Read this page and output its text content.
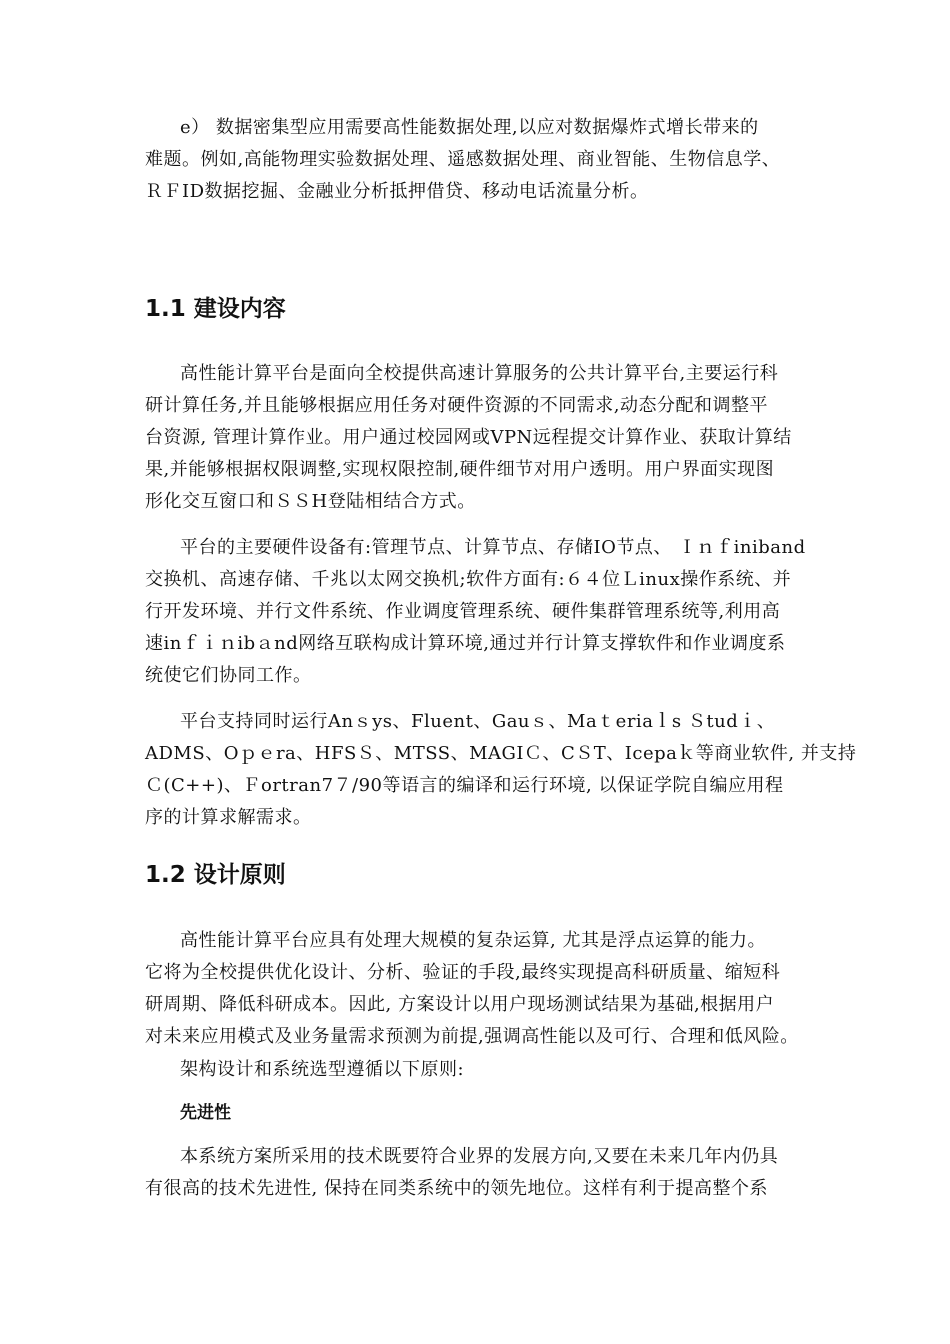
e） 数据密集型应用需要高性能数据处理,以应对数据爆炸式增长带来的
难题。例如,高能物理实验数据处理、遥感数据处理、商业智能、生物信息学、
ＲＦID数据挖掘、金融业分析抵押借贷、移动电话流量分析。
1.1 建设内容
高性能计算平台是面向全校提供高速计算服务的公共计算平台,主要运行科
研计算任务,并且能够根据应用任务对硬件资源的不同需求,动态分配和调整平
台资源, 管理计算作业。用户通过校园网或VPN远程提交计算作业、获取计算结
果,并能够根据权限调整,实现权限控制,硬件细节对用户透明。用户界面实现图
形化交互窗口和ＳＳH登陆相结合方式。
平台的主要硬件设备有:管理节点、计算节点、存储IO节点、 Ｉｎｆiniband
交换机、高速存储、千兆以太网交换机;软件方面有:６４位Ｌinux操作系统、并
行开发环境、并行文件系统、作业调度管理系统、硬件集群管理系统等,利用高
速inｆｉｎibａnd网络互联构成计算环境,通过并行计算支撑软件和作业调度系
统使它们协同工作。
平台支持同时运行Anｓys、Fluent、Gauｓ、Maｔeriaｌs Ｓtudｉ、
ADMS、Oｐｅra、HFSＳ、MTSS、MAGIＣ、CＳT、Icepaｋ等商业软件, 并支持
Ｃ(C++)、Ｆortran7７/90等语言的编译和运行环境, 以保证学院自编应用程
序的计算求解需求。
1.2 设计原则
高性能计算平台应具有处理大规模的复杂运算, 尤其是浮点运算的能力。
它将为全校提供优化设计、分析、验证的手段,最终实现提高科研质量、缩短科
研周期、降低科研成本。因此, 方案设计以用户现场测试结果为基础,根据用户
对未来应用模式及业务量需求预测为前提,强调高性能以及可行、合理和低风险。
架构设计和系统选型遵循以下原则:
先进性
本系统方案所采用的技术既要符合业界的发展方向,又要在未来几年内仍具
有很高的技术先进性, 保持在同类系统中的领先地位。这样有利于提高整个系
